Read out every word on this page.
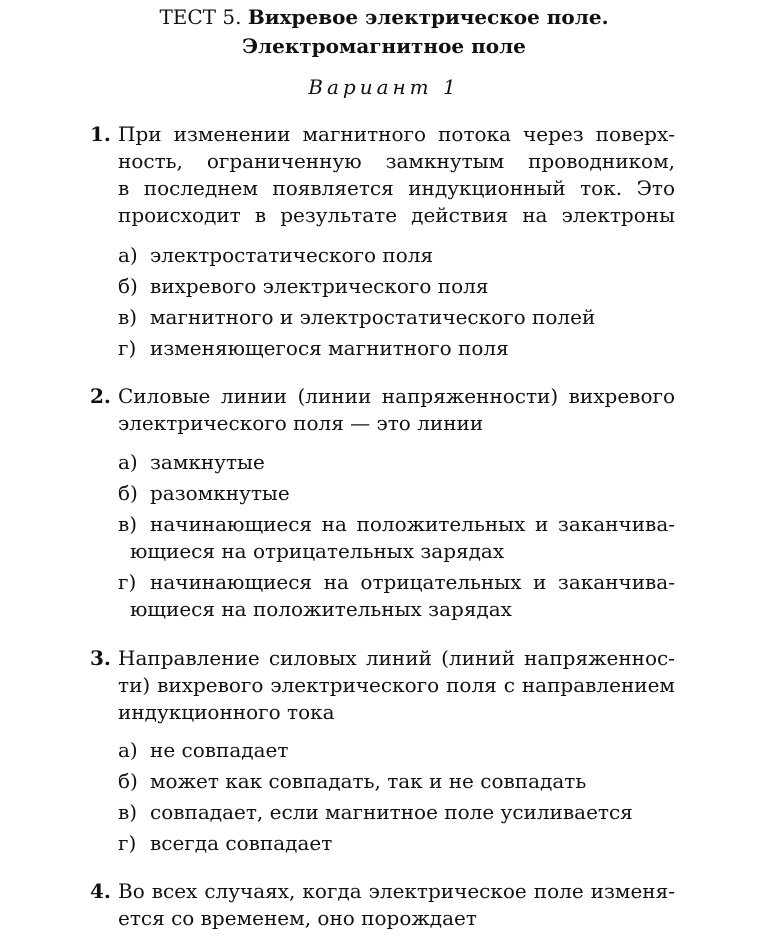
ТЕСТ 5. Вихревое электрическое поле.
Электромагнитное поле
Вариант 1
1. При изменении магнитного потока через поверх-
ность, ограниченную замкнутым проводником,
в последнем появляется индукционный ток. Это
происходит в результате действия на электроны
а) электростатического поля
б) вихревого электрического поля
в) магнитного и электростатического полей
г) изменяющегося магнитного поля
2. Силовые линии (линии напряженности) вихревого
электрического поля — это линии
а) замкнутые
б) разомкнутые
в) начинающиеся на положительных и заканчива-
ющиеся на отрицательных зарядах
г) начинающиеся на отрицательных и заканчива-
ющиеся на положительных зарядах
3. Направление силовых линий (линий напряженнос-
ти) вихревого электрического поля с направлением
индукционного тока
а) не совпадает
б) может как совпадать, так и не совпадать
в) совпадает, если магнитное поле усиливается
г) всегда совпадает
4. Во всех случаях, когда электрическое поле изменя-
ется со временем, оно порождает
